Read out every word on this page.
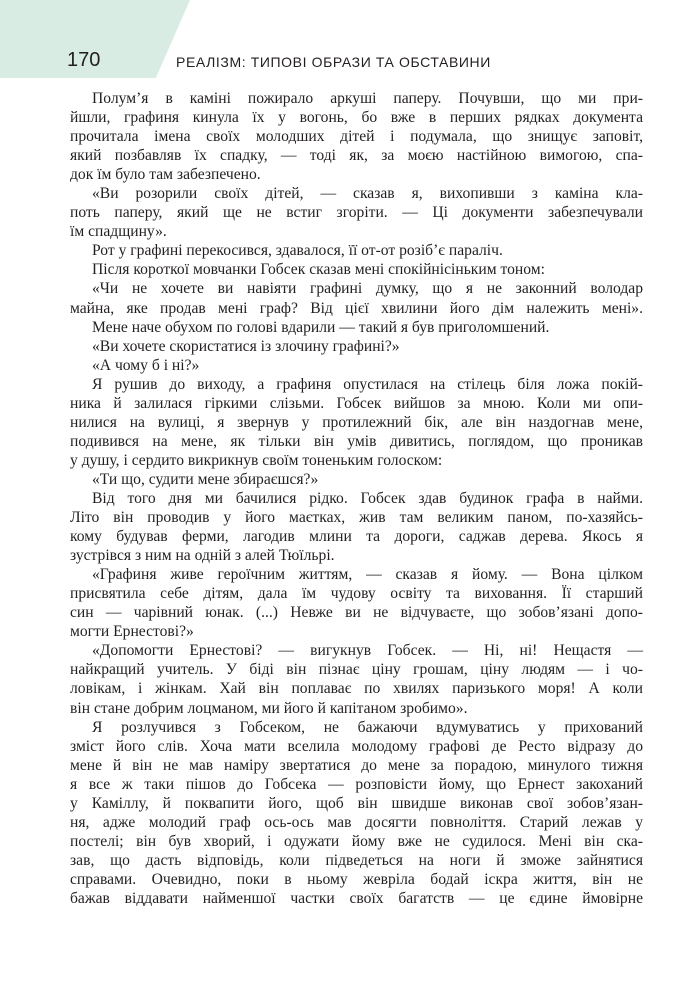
170	РЕАЛІЗМ: ТИПОВІ ОБРАЗИ ТА ОБСТАВИНИ
Полум’я в каміні пожирало аркуші паперу. Почувши, що ми при-
йшли, графиня кинула їх у вогонь, бо вже в перших рядках документа
прочитала імена своїх молодших дітей і подумала, що знищує заповіт,
який позбавляв їх спадку, — тоді як, за моєю настійною вимогою, спа-
док їм було там забезпечено.
«Ви розорили своїх дітей, — сказав я, вихопивши з каміна кла-
поть паперу, який ще не встиг згоріти. — Ці документи забезпечували
їм спадщину».
Рот у графині перекосився, здавалося, її от-от розіб’є параліч.
Після короткої мовчанки Гобсек сказав мені спокійнісіньким тоном:
«Чи не хочете ви навіяти графині думку, що я не законний володар
майна, яке продав мені граф? Від цієї хвилини його дім належить мені».
Мене наче обухом по голові вдарили — такий я був приголомшений.
«Ви хочете скористатися із злочину графині?»
«А чому б і ні?»
Я рушив до виходу, а графиня опустилася на стілець біля ложа покій-
ника й залилася гіркими слізьми. Гобсек вийшов за мною. Коли ми опи-
нилися на вулиці, я звернув у протилежний бік, але він наздогнав мене,
подивився на мене, як тільки він умів дивитись, поглядом, що проникав
у душу, і сердито викрикнув своїм тоненьким голоском:
«Ти що, судити мене збираєшся?»
Від того дня ми бачилися рідко. Гобсек здав будинок графа в найми.
Літо він проводив у його маєтках, жив там великим паном, по-хазяйсь-
кому будував ферми, лагодив млини та дороги, саджав дерева. Якось я
зустрівся з ним на одній з алей Тюїльрі.
«Графиня живе героїчним життям, — сказав я йому. — Вона цілком
присвятила себе дітям, дала їм чудову освіту та виховання. Її старший
син — чарівний юнак. (...) Невже ви не відчуваєте, що зобов’язані допо-
могти Ернестові?»
«Допомогти Ернестові? — вигукнув Гобсек. — Ні, ні! Нещастя —
найкращий учитель. У біді він пізнає ціну грошам, ціну людям — і чо-
ловікам, і жінкам. Хай він поплаває по хвилях паризького моря! А коли
він стане добрим лоцманом, ми його й капітаном зробимо».
Я розлучився з Гобсеком, не бажаючи вдумуватись у прихований
зміст його слів. Хоча мати вселила молодому графові де Ресто відразу до
мене й він не мав наміру звертатися до мене за порадою, минулого тижня
я все ж таки пішов до Гобсека — розповісти йому, що Ернест закоханий
у Камiллу, й поквапити його, щоб він швидше виконав свої зобов’язан-
ня, адже молодий граф ось-ось мав досягти повноліття. Старий лежав у
постелі; він був хворий, і одужати йому вже не судилося. Мені він ска-
зав, що дасть відповідь, коли підведеться на ноги й зможе зайнятися
справами. Очевидно, поки в ньому жевріла бодай іскра життя, він не
бажав віддавати найменшої частки своїх багатств — це єдине ймовірне
